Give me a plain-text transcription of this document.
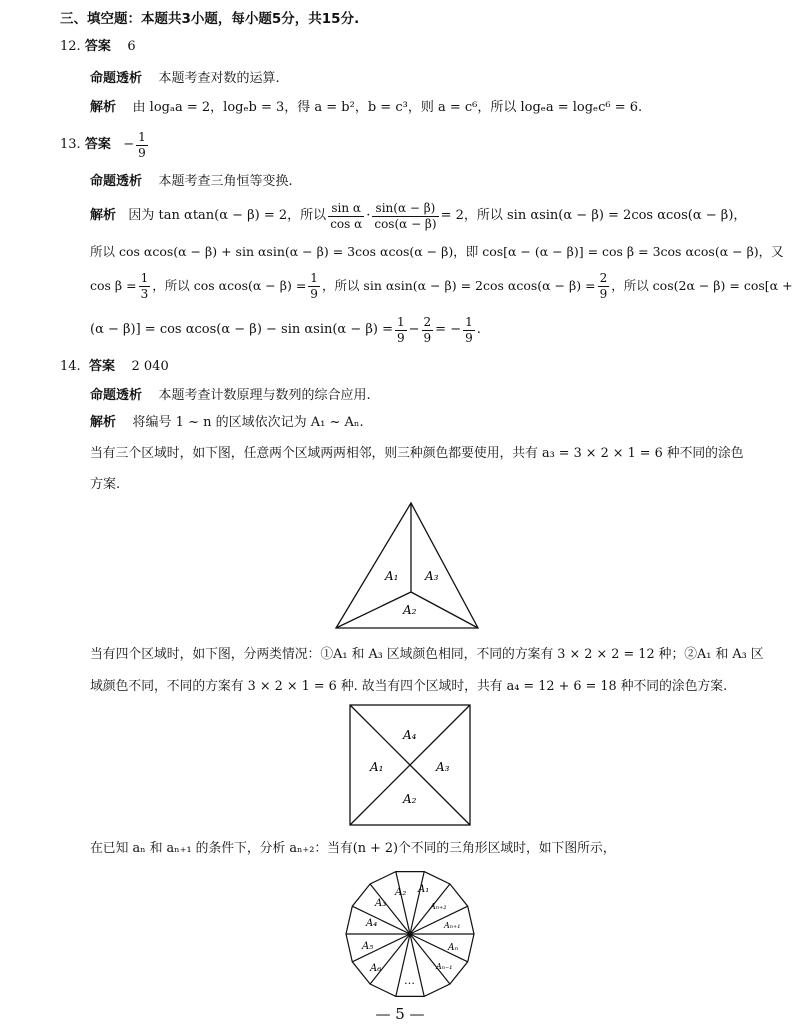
三、填空题：本题共3小题，每小题5分，共15分.
12. 答案 6
命题透析 本题考查对数的运算.
解析 由 logₐa = 2，logₑb = 3，得 a = b²，b = c³，则 a = c⁶，所以 logₑa = logₑc⁶ = 6.
13.
答案
− $\frac{1}{9}$
命题透析 本题考查三角恒等变换.
解析
因为 tan αtan(α − β) = 2，所以 $\frac{\text{sin α}}{\text{cos α}} \cdot \frac{\sin(\alpha - \beta)}{\cos(\alpha - \beta)} = 2$，所以 sin αsin(α − β) = 2cos αcos(α − β)，
所以 cos αcos(α − β) + sin αsin(α − β) = 3cos αcos(α − β)，即 cos[α − (α − β)] = cos β = 3cos αcos(α − β)，又
$\cos \beta = \frac{1}{3}$ ，所以 $\cos \alpha\cos(\alpha - \beta) = \frac{1}{9}$ ，所以 sin αsin(α − β) = 2cos $\alpha\cos(\alpha - \beta) = \frac{2}{9}$ ，所以 cos(2α − β) = cos[α +
$(\alpha - \beta)] = \cos \alpha\cos(\alpha - \beta) - \sin \alpha\sin(\alpha - \beta) = \frac{1}{9} - \frac{2}{9}$ = − $\frac{1}{9}$ .
14. 答案 2 040
命题透析 本题考查计数原理与数列的综合应用.
解析 将编号 1 ~ n 的区域依次记为 A₁ ~ Aₙ.
当有三个区域时，如下图，任意两个区域两两相邻，则三种颜色都要使用，共有 a₃ = 3 × 2 × 1 = 6 种不同的涂色
方案.
A₁ A₃
A₂
当有四个区域时，如下图，分两类情况：①A₁ 和 A₃ 区域颜色相同，不同的方案有 3 × 2 × 2 = 12 种；②A₁ 和 A₃ 区
域颜色不同，不同的方案有 3 × 2 × 1 = 6 种. 故当有四个区域时，共有 a₄ = 12 + 6 = 18 种不同的涂色方案.
A₄
A₁	A₃
A₂
在已知 aₙ 和 aₙ₊₁ 的条件下，分析 aₙ₊₂：当有(n + 2)个不同的三角形区域时，如下图所示，
A₃
A₂ A₁
Aₙ₊₂
A₄	Aₙ₊₁
A₅	Aₙ
A₆	Aₙ₋₁
…
— 5 —
